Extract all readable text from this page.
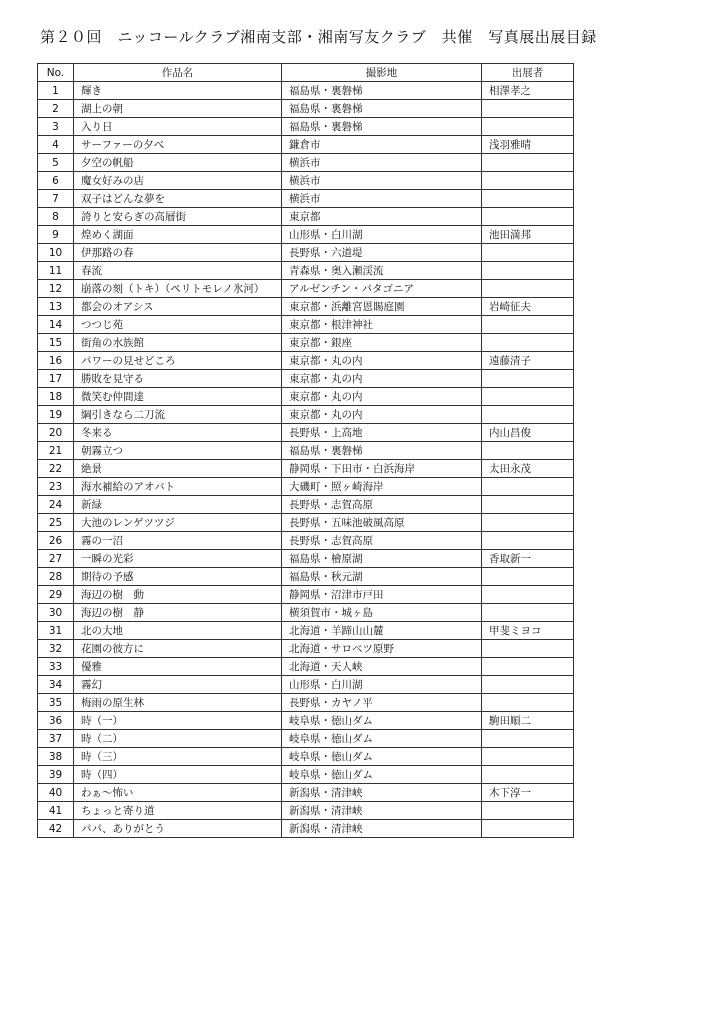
第２０回　ニッコールクラブ湘南支部・湘南写友クラブ　共催　写真展出展目録
No.	作品名	撮影地	出展者
1	輝き	福島県・裏磐梯	相澤孝之
2	湖上の朝	福島県・裏磐梯	
3	入り日	福島県・裏磐梯	
4	サーファーの夕べ	鎌倉市	浅羽雅晴
5	夕空の帆船	横浜市	
6	魔女好みの店	横浜市	
7	双子はどんな夢を	横浜市	
8	誇りと安らぎの高層街	東京都	
9	煌めく湖面	山形県・白川湖	池田満邦
10	伊那路の春	長野県・六道堤	
11	春流	青森県・奥入瀬渓流	
12	崩落の刻（トキ）（ペリトモレノ氷河）	アルゼンチン・パタゴニア	
13	都会のオアシス	東京都・浜離宮恩賜庭園	岩崎征夫
14	つつじ苑	東京都・根津神社	
15	街角の水族館	東京都・銀座	
16	パワーの見せどころ	東京都・丸の内	遠藤清子
17	勝敗を見守る	東京都・丸の内	
18	微笑む仲間達	東京都・丸の内	
19	綱引きなら二刀流	東京都・丸の内	
20	冬来る	長野県・上高地	内山昌俊
21	朝霧立つ	福島県・裏磐梯	
22	絶景	静岡県・下田市・白浜海岸	太田永茂
23	海水補給のアオバト	大磯町・照ヶ崎海岸	
24	新緑	長野県・志賀高原	
25	大池のレンゲツツジ	長野県・五味池破風高原	
26	霧の一沼	長野県・志賀高原	
27	一瞬の光彩	福島県・檜原湖	香取新一
28	期待の予感	福島県・秋元湖	
29	海辺の樹　動	静岡県・沼津市戸田	
30	海辺の樹　静	横須賀市・城ヶ島	
31	北の大地	北海道・羊蹄山山麓	甲斐ミヨコ
32	花園の彼方に	北海道・サロベツ原野	
33	優雅	北海道・天人峡	
34	霧幻	山形県・白川湖	
35	梅雨の原生林	長野県・カヤノ平	
36	時（一）	岐阜県・徳山ダム	駒田順二
37	時（二）	岐阜県・徳山ダム	
38	時（三）	岐阜県・徳山ダム	
39	時（四）	岐阜県・徳山ダム	
40	わぁ～怖い	新潟県・清津峡	木下淳一
41	ちょっと寄り道	新潟県・清津峡	
42	パパ、ありがとう	新潟県・清津峡	
